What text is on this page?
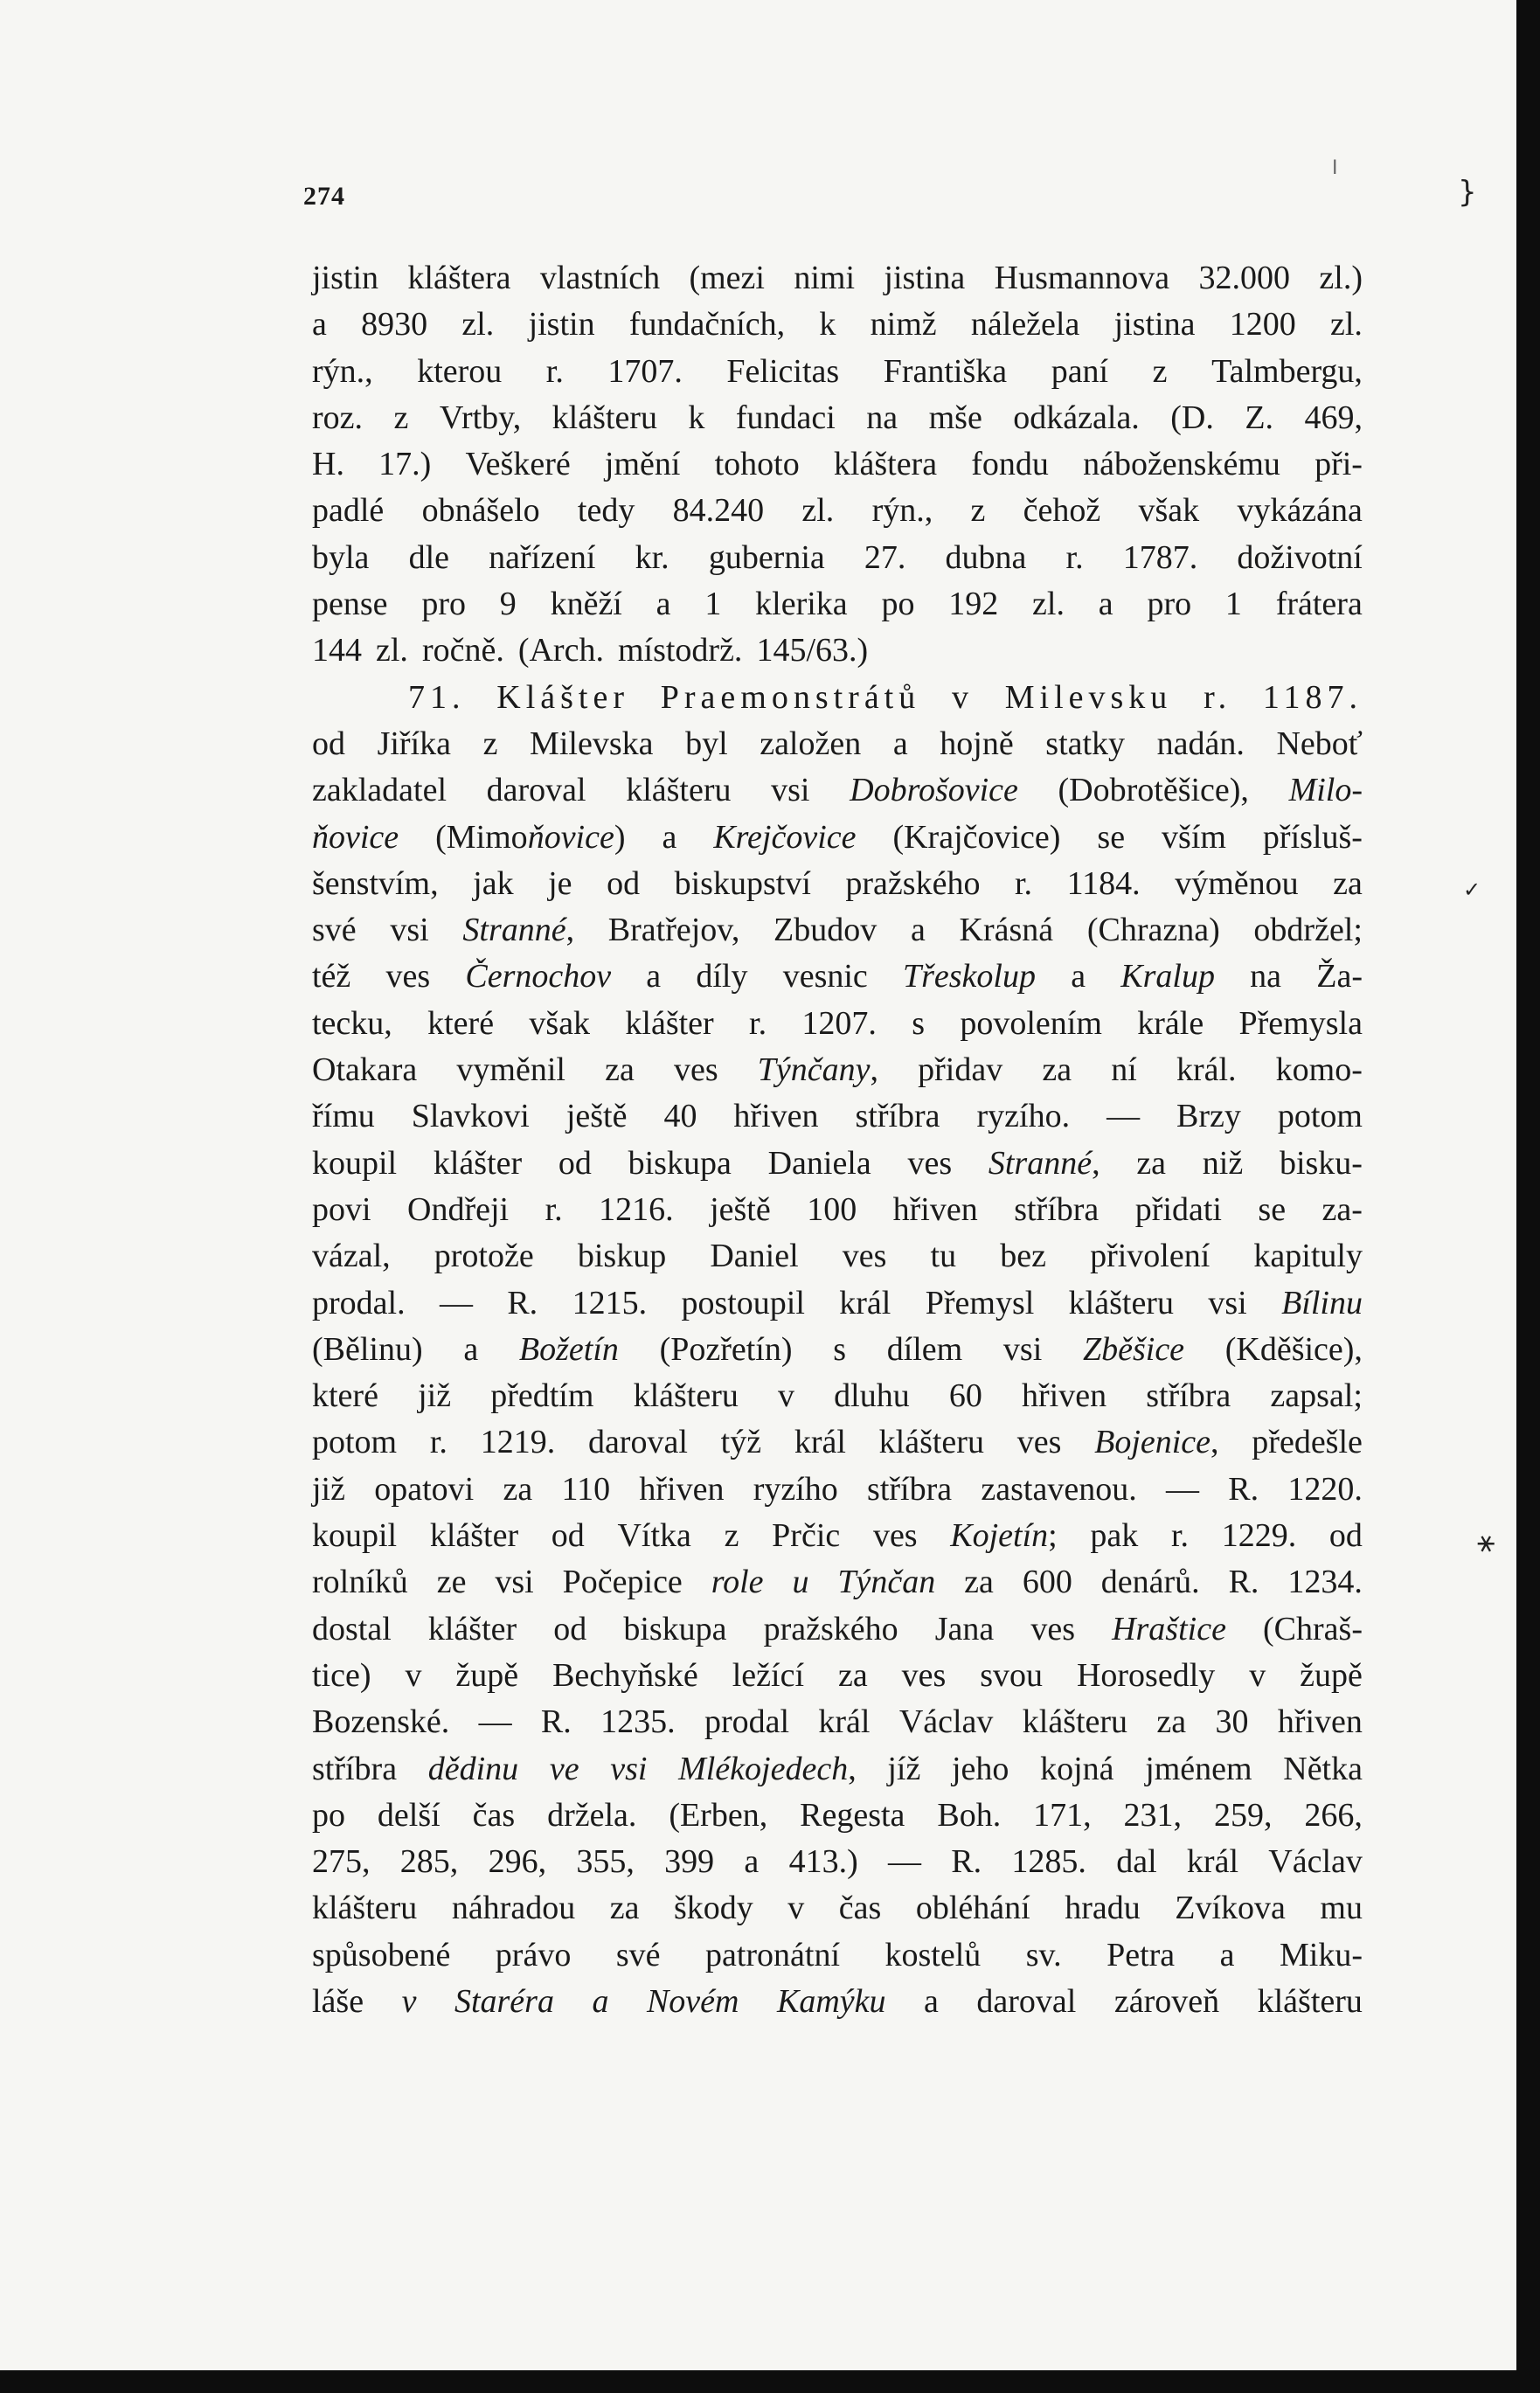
274
I
}
✓
⚹
jistin kláštera vlastních (mezi nimi jistina Husmannova 32.000 zl.)
a 8930 zl. jistin fundačních, k nimž náležela jistina 1200 zl.
rýn., kterou r. 1707. Felicitas Františka paní z Talmbergu,
roz. z Vrtby, klášteru k fundaci na mše odkázala. (D. Z. 469,
H. 17.) Veškeré jmění tohoto kláštera fondu náboženskému při-
padlé obnášelo tedy 84.240 zl. rýn., z čehož však vykázána
byla dle nařízení kr. gubernia 27. dubna r. 1787. doživotní
pense pro 9 kněží a 1 klerika po 192 zl. a pro 1 frátera
144 zl. ročně. (Arch. místodrž. 145/63.)
71. Klášter Praemonstrátů v Milevsku r. 1187.
od Jiříka z Milevska byl založen a hojně statky nadán. Neboť
zakladatel daroval klášteru vsi Dobrošovice (Dobrotěšice), Milo-
ňovice (Mimoňovice) a Krejčovice (Krajčovice) se vším přísluš-
šenstvím, jak je od biskupství pražského r. 1184. výměnou za
své vsi Stranné, Bratřejov, Zbudov a Krásná (Chrazna) obdržel;
též ves Černochov a díly vesnic Třeskolup a Kralup na Ža-
tecku, které však klášter r. 1207. s povolením krále Přemysla
Otakara vyměnil za ves Týnčany, přidav za ní král. komo-
římu Slavkovi ještě 40 hřiven stříbra ryzího. — Brzy potom
koupil klášter od biskupa Daniela ves Stranné, za niž bisku-
povi Ondřeji r. 1216. ještě 100 hřiven stříbra přidati se za-
vázal, protože biskup Daniel ves tu bez přivolení kapituly
prodal. — R. 1215. postoupil král Přemysl klášteru vsi Bílinu
(Bělinu) a Božetín (Pozřetín) s dílem vsi Zběšice (Kděšice),
které již předtím klášteru v dluhu 60 hřiven stříbra zapsal;
potom r. 1219. daroval týž král klášteru ves Bojenice, předešle
již opatovi za 110 hřiven ryzího stříbra zastavenou. — R. 1220.
koupil klášter od Vítka z Prčic ves Kojetín; pak r. 1229. od
rolníků ze vsi Počepice role u Týnčan za 600 denárů. R. 1234.
dostal klášter od biskupa pražského Jana ves Hraštice (Chraš-
tice) v župě Bechyňské ležící za ves svou Horosedly v župě
Bozenské. — R. 1235. prodal král Václav klášteru za 30 hřiven
stříbra dědinu ve vsi Mlékojedech, jíž jeho kojná jménem Nětka
po delší čas držela. (Erben, Regesta Boh. 171, 231, 259, 266,
275, 285, 296, 355, 399 a 413.) — R. 1285. dal král Václav
klášteru náhradou za škody v čas obléhání hradu Zvíkova mu
spůsobené právo své patronátní kostelů sv. Petra a Miku-
láše v Staréra a Novém Kamýku a daroval zároveň klášteru
